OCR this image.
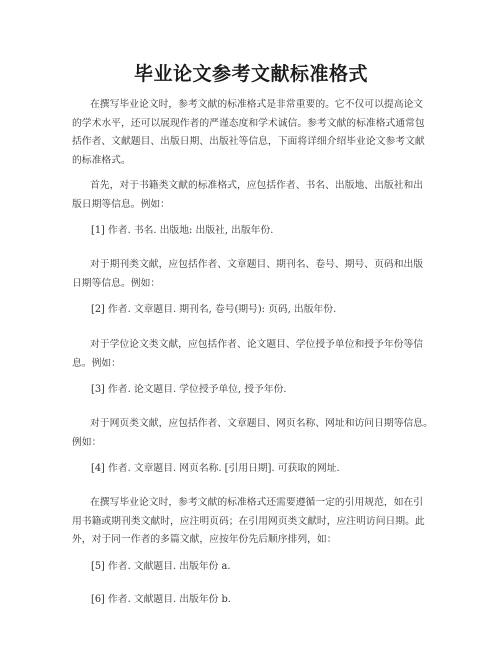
毕业论文参考文献标准格式
在撰写毕业论文时，参考文献的标准格式是非常重要的。它不仅可以提高论文
的学术水平，还可以展现作者的严谨态度和学术诚信。参考文献的标准格式通常包
括作者、文献题目、出版日期、出版社等信息，下面将详细介绍毕业论文参考文献
的标准格式。
首先，对于书籍类文献的标准格式，应包括作者、书名、出版地、出版社和出
版日期等信息。例如：
[1] 作者. 书名. 出版地: 出版社, 出版年份.
对于期刊类文献，应包括作者、文章题目、期刊名、卷号、期号、页码和出版
日期等信息。例如：
[2] 作者. 文章题目. 期刊名, 卷号(期号): 页码, 出版年份.
对于学位论文类文献，应包括作者、论文题目、学位授予单位和授予年份等信
息。例如：
[3] 作者. 论文题目. 学位授予单位, 授予年份.
对于网页类文献，应包括作者、文章题目、网页名称、网址和访问日期等信息。
例如：
[4] 作者. 文章题目. 网页名称. [引用日期]. 可获取的网址.
在撰写毕业论文时，参考文献的标准格式还需要遵循一定的引用规范，如在引
用书籍或期刊类文献时，应注明页码；在引用网页类文献时，应注明访问日期。此
外，对于同一作者的多篇文献，应按年份先后顺序排列，如：
[5] 作者. 文献题目. 出版年份 a.
[6] 作者. 文献题目. 出版年份 b.
